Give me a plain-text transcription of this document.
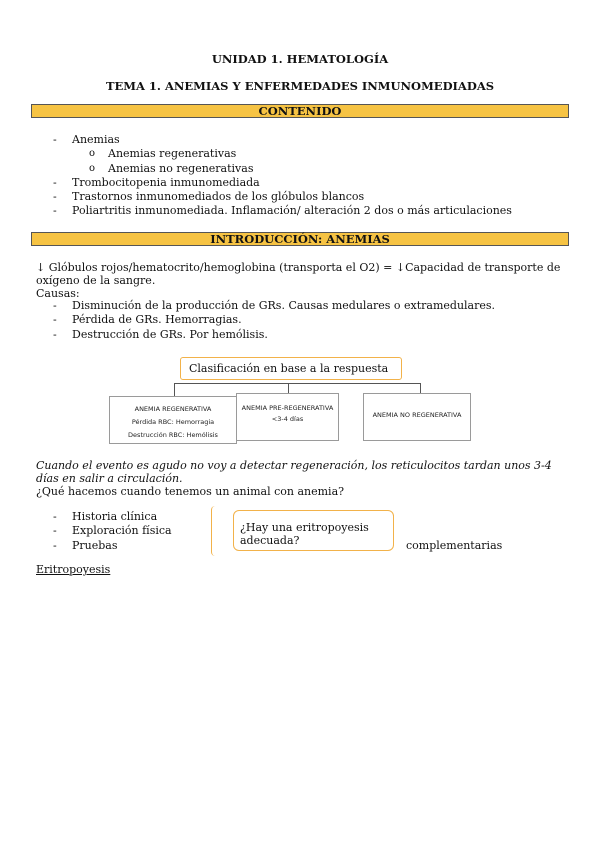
UNIDAD 1. HEMATOLOGÍA
TEMA 1. ANEMIAS Y ENFERMEDADES INMUNOMEDIADAS
CONTENIDO
- Anemias
o Anemias regenerativas
o Anemias no regenerativas
- Trombocitopenia inmunomediada
- Trastornos inmunomediados de los glóbulos blancos
- Poliartritis inmunomediada. Inflamación/ alteración 2 dos o más articulaciones
INTRODUCCIÓN: ANEMIAS
↓ Glóbulos rojos/hematocrito/hemoglobina (transporta el O2) = ↓Capacidad de transporte de oxígeno de la sangre.
Causas:
- Disminución de la producción de GRs. Causas medulares o extramedulares.
- Pérdida de GRs. Hemorragias.
- Destrucción de GRs. Por hemólisis.
Clasificación en base a la respuesta
ANEMIA REGENERATIVA
Pérdida RBC: Hemorragia
Destrucción RBC: Hemólisis
ANEMIA PRE-REGENERATIVA
<3-4 días	ANEMIA NO REGENERATIVA
Cuando el evento es agudo no voy a detectar regeneración, los reticulocitos tardan unos 3-4 días en salir a circulación.
¿Qué hacemos cuando tenemos un animal con anemia?
- Historia clínica
- Exploración física
- Pruebas	complementarias
¿Hay una eritropoyesis adecuada?
Eritropoyesis
